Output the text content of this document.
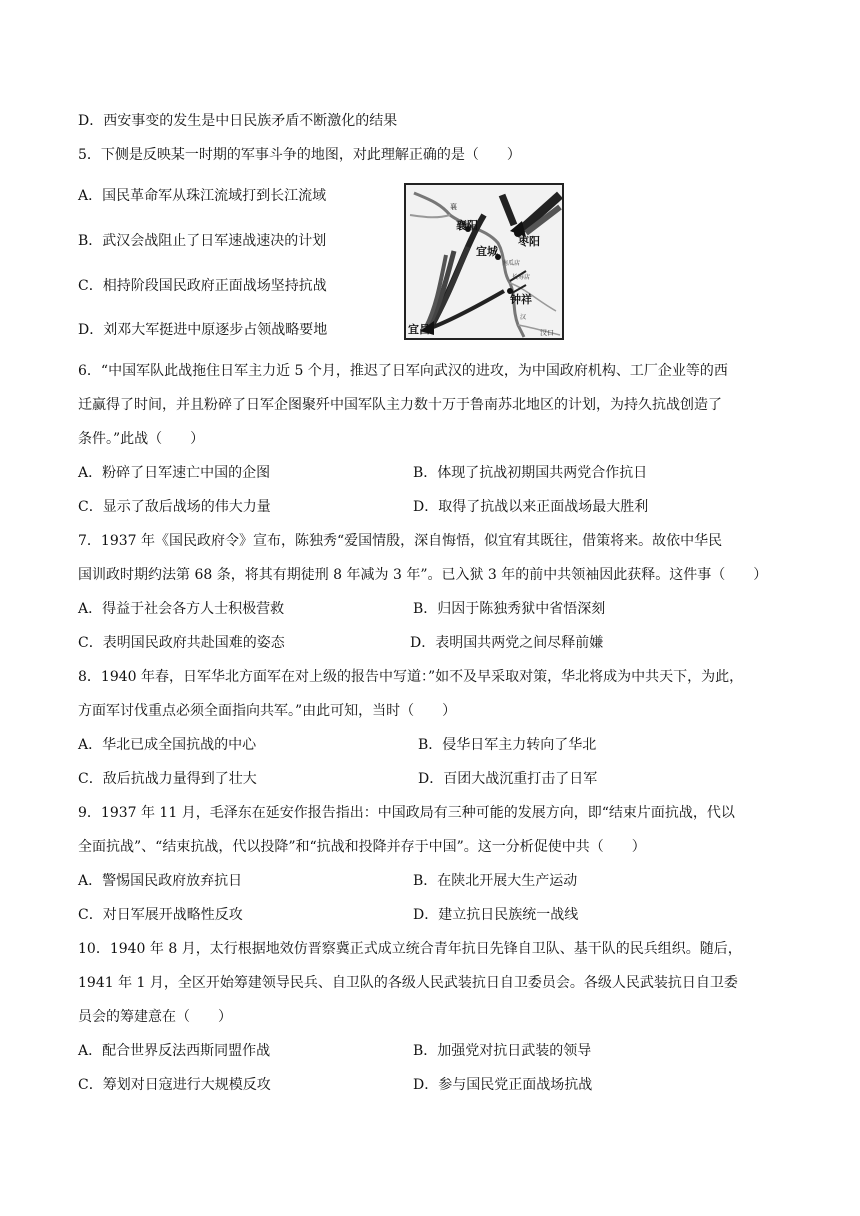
D．西安事变的发生是中日民族矛盾不断激化的结果
5．下侧是反映某一时期的军事斗争的地图，对此理解正确的是（　　）
A．国民革命军从珠江流域打到长江流域
B．武汉会战阻止了日军速战速决的计划
C．相持阶段国民政府正面战场坚持抗战
D．刘邓大军挺进中原逐步占领战略要地
襄
襄阳
枣阳
宜城
南瓜店
长寿店
钟祥
汉
宜昌	汉口
6．“中国军队此战拖住日军主力近 5 个月，推迟了日军向武汉的进攻，为中国政府机构、工厂企业等的西
迁赢得了时间，并且粉碎了日军企图聚歼中国军队主力数十万于鲁南苏北地区的计划，为持久抗战创造了
条件。”此战（　　）
A．粉碎了日军速亡中国的企图	B．体现了抗战初期国共两党合作抗日
C．显示了敌后战场的伟大力量	D．取得了抗战以来正面战场最大胜利
7．1937 年《国民政府令》宣布，陈独秀“爱国情殷，深自悔悟，似宜宥其既往，借策将来。故依中华民
国训政时期约法第 68 条，将其有期徒刑 8 年减为 3 年”。已入狱 3 年的前中共领袖因此获释。这件事（　　）
A．得益于社会各方人士积极营救	B．归因于陈独秀狱中省悟深刻
C．表明国民政府共赴国难的姿态	D．表明国共两党之间尽释前嫌
8．1940 年春，日军华北方面军在对上级的报告中写道：”如不及早采取对策，华北将成为中共天下，为此，
方面军讨伐重点必须全面指向共军。”由此可知，当时（　　）
A．华北已成全国抗战的中心	B．侵华日军主力转向了华北
C．敌后抗战力量得到了壮大	D．百团大战沉重打击了日军
9．1937 年 11 月，毛泽东在延安作报告指出：中国政局有三种可能的发展方向，即“结束片面抗战，代以
全面抗战”、“结束抗战，代以投降”和“抗战和投降并存于中国”。这一分析促使中共（　　）
A．警惕国民政府放弃抗日	B．在陕北开展大生产运动
C．对日军展开战略性反攻	D．建立抗日民族统一战线
10．1940 年 8 月，太行根据地效仿晋察冀正式成立统合青年抗日先锋自卫队、基干队的民兵组织。随后，
1941 年 1 月，全区开始筹建领导民兵、自卫队的各级人民武装抗日自卫委员会。各级人民武装抗日自卫委
员会的筹建意在（　　）
A．配合世界反法西斯同盟作战	B．加强党对抗日武装的领导
C．筹划对日寇进行大规模反攻	D．参与国民党正面战场抗战
